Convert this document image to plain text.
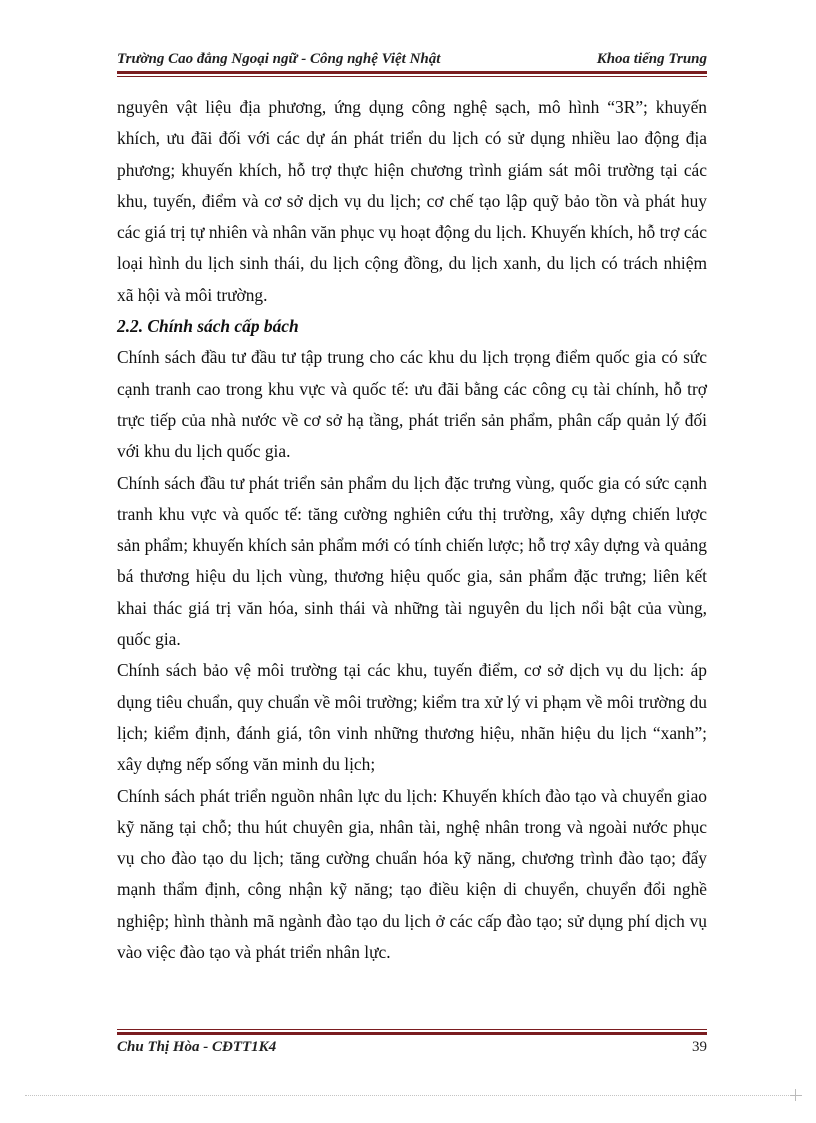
Trường Cao đẳng Ngoại ngữ - Công nghệ Việt Nhật	Khoa tiếng Trung

nguyên vật liệu địa phương, ứng dụng công nghệ sạch, mô hình “3R”; khuyến khích, ưu đãi đối với các dự án phát triển du lịch có sử dụng nhiều lao động địa phương; khuyến khích, hỗ trợ thực hiện chương trình giám sát môi trường tại các khu, tuyến, điểm và cơ sở dịch vụ du lịch; cơ chế tạo lập quỹ bảo tồn và phát huy các giá trị tự nhiên và nhân văn phục vụ hoạt động du lịch. Khuyến khích, hỗ trợ các loại hình du lịch sinh thái, du lịch cộng đồng, du lịch xanh, du lịch có trách nhiệm xã hội và môi trường.

2.2. Chính sách cấp bách

Chính sách đầu tư đầu tư tập trung cho các khu du lịch trọng điểm quốc gia có sức cạnh tranh cao trong khu vực và quốc tế: ưu đãi bằng các công cụ tài chính, hỗ trợ trực tiếp của nhà nước về cơ sở hạ tầng, phát triển sản phẩm, phân cấp quản lý đối với khu du lịch quốc gia.

Chính sách đầu tư phát triển sản phẩm du lịch đặc trưng vùng, quốc gia có sức cạnh tranh khu vực và quốc tế: tăng cường nghiên cứu thị trường, xây dựng chiến lược sản phẩm; khuyến khích sản phẩm mới có tính chiến lược; hỗ trợ xây dựng và quảng bá thương hiệu du lịch vùng, thương hiệu quốc gia, sản phẩm đặc trưng; liên kết khai thác giá trị văn hóa, sinh thái và những tài nguyên du lịch nổi bật của vùng, quốc gia.

Chính sách bảo vệ môi trường tại các khu, tuyến điểm, cơ sở dịch vụ du lịch: áp dụng tiêu chuẩn, quy chuẩn về môi trường; kiểm tra xử lý vi phạm về môi trường du lịch; kiểm định, đánh giá, tôn vinh những thương hiệu, nhãn hiệu du lịch “xanh”; xây dựng nếp sống văn minh du lịch;

Chính sách phát triển nguồn nhân lực du lịch: Khuyến khích đào tạo và chuyển giao kỹ năng tại chỗ; thu hút chuyên gia, nhân tài, nghệ nhân trong và ngoài nước phục vụ cho đào tạo du lịch; tăng cường chuẩn hóa kỹ năng, chương trình đào tạo; đẩy mạnh thẩm định, công nhận kỹ năng; tạo điều kiện di chuyển, chuyển đổi nghề nghiệp; hình thành mã ngành đào tạo du lịch ở các cấp đào tạo; sử dụng phí dịch vụ vào việc đào tạo và phát triển nhân lực.

Chu Thị Hòa - CĐTT1K4	39
